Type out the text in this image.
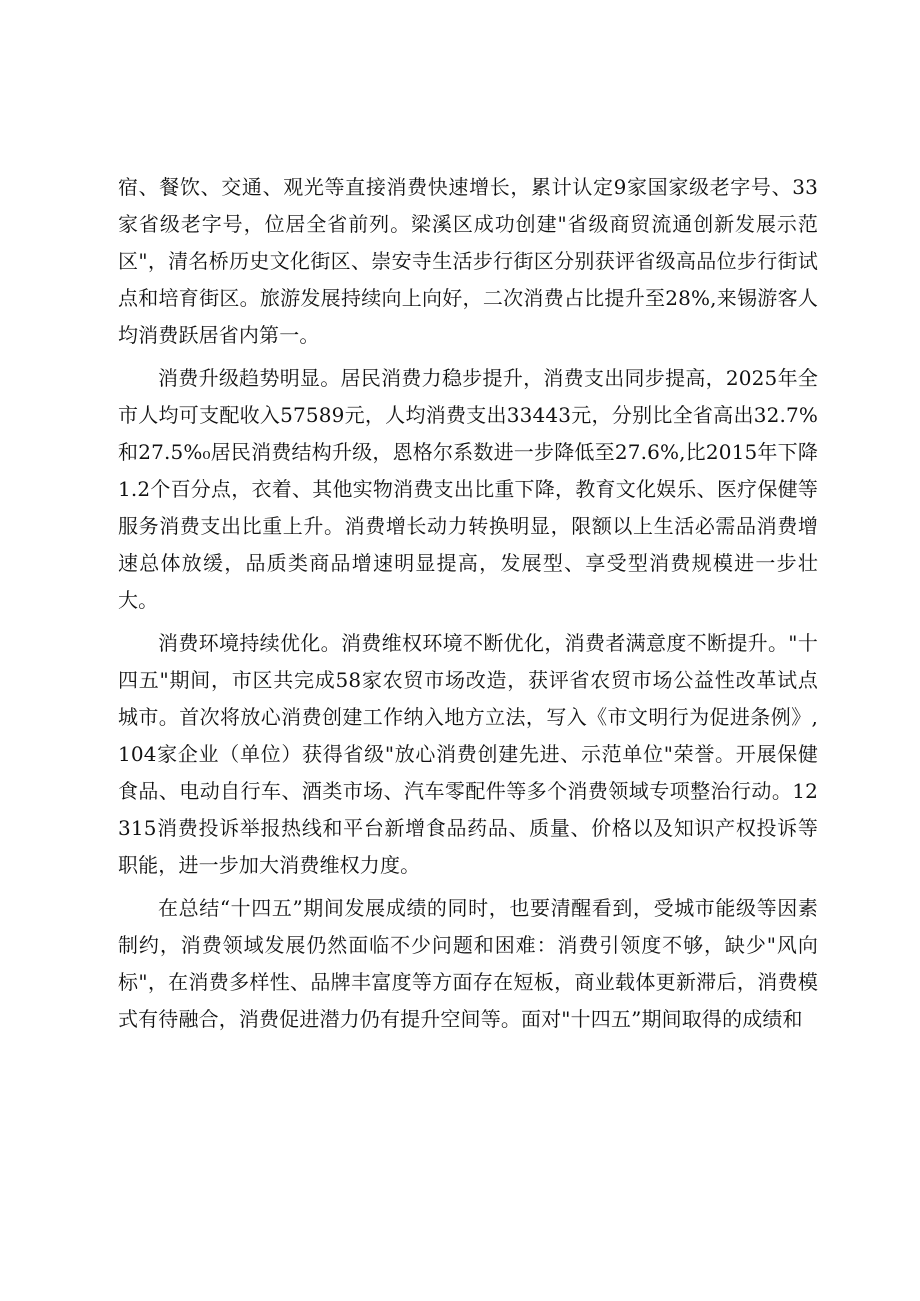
宿、餐饮、交通、观光等直接消费快速增长，累计认定9家国家级老字号、33家省级老字号，位居全省前列。梁溪区成功创建"省级商贸流通创新发展示范区"，清名桥历史文化街区、崇安寺生活步行街区分别获评省级高品位步行街试点和培育街区。旅游发展持续向上向好，二次消费占比提升至28%,来锡游客人均消费跃居省内第一。

消费升级趋势明显。居民消费力稳步提升，消费支出同步提高，2025年全市人均可支配收入57589元，人均消费支出33443元，分别比全省高出32.7%和27.5%₀居民消费结构升级，恩格尔系数进一步降低至27.6%,比2015年下降1.2个百分点，衣着、其他实物消费支出比重下降，教育文化娱乐、医疗保健等服务消费支出比重上升。消费增长动力转换明显，限额以上生活必需品消费增速总体放缓，品质类商品增速明显提高，发展型、享受型消费规模进一步壮大。

消费环境持续优化。消费维权环境不断优化，消费者满意度不断提升。"十四五"期间，市区共完成58家农贸市场改造，获评省农贸市场公益性改革试点城市。首次将放心消费创建工作纳入地方立法，写入《市文明行为促进条例》,104家企业（单位）获得省级"放心消费创建先进、示范单位"荣誉。开展保健食品、电动自行车、酒类市场、汽车零配件等多个消费领域专项整治行动。12315消费投诉举报热线和平台新增食品药品、质量、价格以及知识产权投诉等职能，进一步加大消费维权力度。

在总结“十四五”期间发展成绩的同时，也要清醒看到，受城市能级等因素制约，消费领域发展仍然面临不少问题和困难：消费引领度不够，缺少"风向标"，在消费多样性、品牌丰富度等方面存在短板，商业载体更新滞后，消费模式有待融合，消费促进潜力仍有提升空间等。面对"十四五”期间取得的成绩和
